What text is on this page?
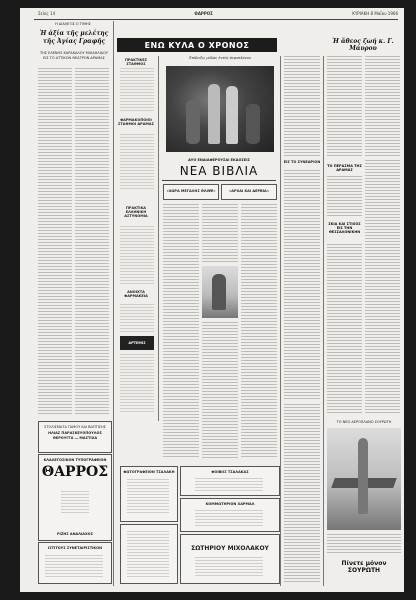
Σελίς 14	ΘΑΡΡΟΣ	ΚΥΡΙΑΚΗ 8 Μαΐου 1966
Η ΔΙΑΛΕΞΙΣ Ο ΤΙΜΗΣ
Ἡ ἀξία τῆς μελέτης τῆς Ἁγίας Γραφῆς
ΤΗΣ ΕΛΕΝΗΣ ΚΑΡΑΚΑΛΟΥ ΜΙΧΑΗΛΙΔΟΥ ΕΙΣ ΤΟ ΑΤΤΙΚΟΝ ΘΕΑΤΡΟΝ ΔΡΑΜΑΣ
ΣΤΟΛΙΣΜΑΤΑ ΓΑΜΟΥ ΚΑΙ ΒΑΠΤΙΣΗΣ
ΗΛΙΑΣ ΠΑΡΑΣΚΕΥΟΠΟΥΛΟΣ
ΘΕΡΟΥΓΓΑ — ΜΑΣΤΙΧΑ
ΚΛΑΛΕΓΟΣΙΚΟΝ ΤΥΠΟΓΡΑΦΕΙΟΝ
ΘΑΡΡΟΣ
ΡΙΖΗΣ ΑΝΑΛΙΑΧΟΣ
ΙΣΤΙΤΟΥΣ ΣΥΝΕΤΑΙΡΙΣΤΙΚΟΝ
ΠΡΑΚΤΙΚΕΣ ΣΤΑΘΜΟΣ
ΦΑΡΜΑΚΟΠΟΙΟΙ ΣΤΑΘΜΟΙ ΔΡΑΜΑΣ
ΠΡΑΚΤΙΚΑ ΕΛΛΗΝΙΚΗ ΑΣΤΥΝΟΜΙΑ
ΑΝΟΙΧΤΑ ΦΑΡΜΑΚΕΙΑ
ΑΡΤΕΜΙΣ
ΕΝΩ ΚΥΛΑ Ο ΧΡΟΝΟΣ
Ἐπίδειξις μόδας ἐντός ἀεροπλάνου
ΔΥΟ ΕΝΔΙΑΦΕΡΟΥΣΑΙ ΕΚΔΟΣΕΙΣ
ΝΕΑ ΒΙΒΛΙΑ
«ΧΩΡΑ ΜΕΓΑΛΗΣ ΘΛΙΨΕ»	«ΑΡΧΑΙ ΚΑΙ ΔΕΡΒΙΑ»
ΦΩΤΟΓΡΑΦΕΙΟΝ ΤΣΑΛΑΚΗ	ΦΟΙΒΟΣ ΤΣΑΛΑΚΑΣ
ΚΟΜΜΩΤΗΡΙΟΝ ΧΑΡΜΑΛ
ΣΩΤΗΡΙΟΥ ΜΙΧΟΛΑΚΟΥ
ΕΙΣ ΤΟ ΣΥΝΕΔΡΙΟΝ
Ἡ ἄθεος ζωή κ. Γ. Μάυρου
ΤΟ ΠΕΡΑΣΜΑ ΤΗΣ ΔΡΑΜΑΣ
ΣΚΙΑ ΚΑΙ ΣΤΙΧΟΣ ΕΙΣ ΤΗΝ ΘΕΣΣΑΛΟΝΙΚΗΝ
ΤΟ ΝΕΟ ΑΕΡΟΠΛΑΝΟ ΣΟΥΡΩΤΗ
Πίνετε μόνον ΣΟΥΡΩΤΗ
